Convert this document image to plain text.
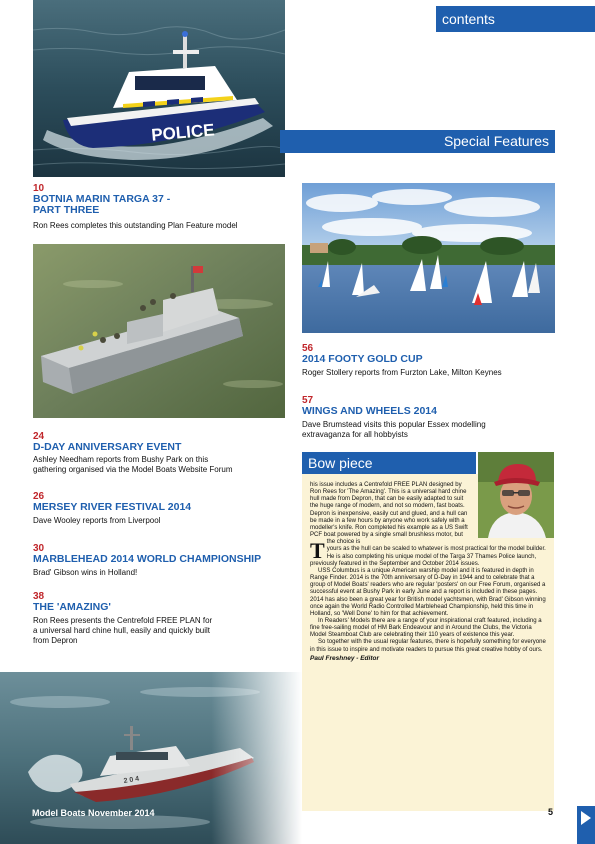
contents
POLICE	Special Features
10
BOTNIA MARIN TARGA 37 -
PART THREE
Ron Rees completes this outstanding Plan Feature model
24
D-DAY ANNIVERSARY EVENT
Ashley Needham reports from Bushy Park on this
gathering organised via the Model Boats Website Forum
26
MERSEY RIVER FESTIVAL 2014
Dave Wooley reports from Liverpool
30
MARBLEHEAD 2014 WORLD CHAMPIONSHIP
Brad' Gibson wins in Holland!
38
THE 'AMAZING'
Ron Rees presents the Centrefold FREE PLAN for
a universal hard chine hull, easily and quickly built
from Depron
56
2014 FOOTY GOLD CUP
Roger Stollery reports from Furzton Lake, Milton Keynes
57
WINGS AND WHEELS 2014
Dave Brumstead visits this popular Essex modelling
extravaganza for all hobbyists
Bow piece

T
his issue includes a Centrefold FREE PLAN designed by Ron Rees for 'The Amazing'. This is a universal hard chine hull made from Depron, that can be easily adapted to suit the huge range of modern, and not so modern, fast boats. Depron is inexpensive, easily cut and glued, and a hull can be made in a few hours by anyone who work safely with a modeller's knife. Ron completed his example as a US Swift PCF boat powered by a single small brushless motor, but the choice is yours as the hull can be scaled to whatever is most practical for the model builder. He is also completing his unique model of the Targa 37 Thames Police launch, previously featured in the September and October 2014 issues.

USS Columbus is a unique American warship model and it is featured in depth in Range Finder. 2014 is the 70th anniversary of D-Day in 1944 and to celebrate that a group of Model Boats' readers who are regular 'posters' on our Free Forum, organised a successful event at Bushy Park in early June and a report is included in these pages. 2014 has also been a great year for British model yachtsmen, with Brad' Gibson winning once again the World Radio Controlled Marblehead Championship, held this time in Holland, so 'Well Done' to him for that achievement.

In Readers' Models there are a range of your inspirational craft featured, including a fine free-sailing model of HM Bark Endeavour and in Around the Clubs, the Victoria Model Steamboat Club are celebrating their 110 years of existence this year.

So together with the usual regular features, there is hopefully something for everyone in this issue to inspire and motivate readers to pursue this great creative hobby of ours.

Paul Freshney - Editor
Model Boats November 2014	5
